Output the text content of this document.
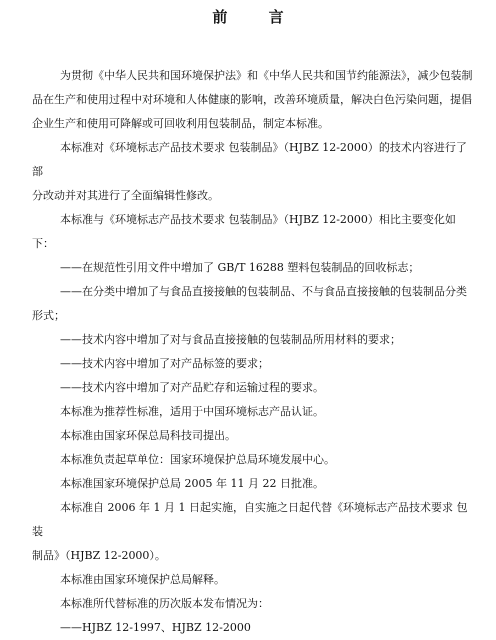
前 言
为贯彻《中华人民共和国环境保护法》和《中华人民共和国节约能源法》，减少包装制
品在生产和使用过程中对环境和人体健康的影响，改善环境质量，解决白色污染问题，提倡
企业生产和使用可降解或可回收利用包装制品，制定本标准。
本标准对《环境标志产品技术要求 包装制品》（HJBZ 12-2000）的技术内容进行了部
分改动并对其进行了全面编辑性修改。
本标准与《环境标志产品技术要求 包装制品》（HJBZ 12-2000）相比主要变化如下：
——在规范性引用文件中增加了 GB/T 16288 塑料包装制品的回收标志；
——在分类中增加了与食品直接接触的包装制品、不与食品直接接触的包装制品分类
形式；
——技术内容中增加了对与食品直接接触的包装制品所用材料的要求；
——技术内容中增加了对产品标签的要求；
——技术内容中增加了对产品贮存和运输过程的要求。
本标准为推荐性标准，适用于中国环境标志产品认证。
本标准由国家环保总局科技司提出。
本标准负责起草单位：国家环境保护总局环境发展中心。
本标准国家环境保护总局 2005 年 11 月 22 日批准。
本标准自 2006 年 1 月 1 日起实施，自实施之日起代替《环境标志产品技术要求 包装
制品》（HJBZ 12-2000）。
本标准由国家环境保护总局解释。
本标准所代替标准的历次版本发布情况为：
——HJBZ 12-1997、HJBZ 12-2000
